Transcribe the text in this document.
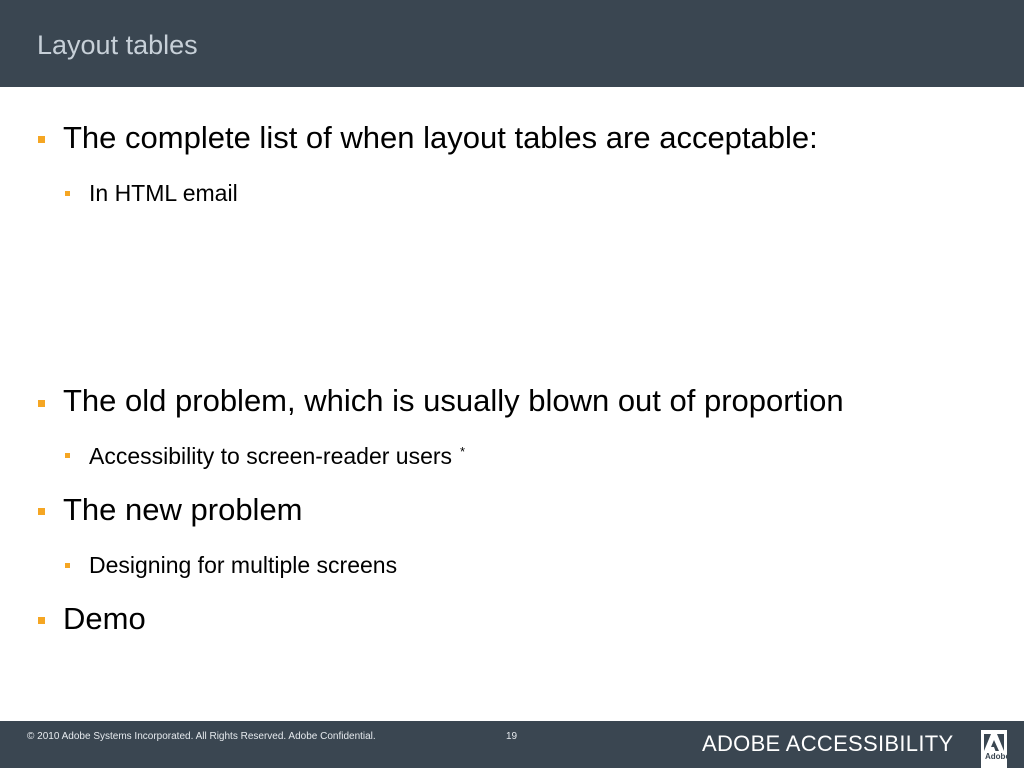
Layout tables
The complete list of when layout tables are acceptable:
In HTML email
The old problem, which is usually blown out of proportion
Accessibility to screen-reader users *
The new problem
Designing for multiple screens
Demo
© 2010 Adobe Systems Incorporated. All Rights Reserved. Adobe Confidential.	19	ADOBE ACCESSIBILITY
Adobe
